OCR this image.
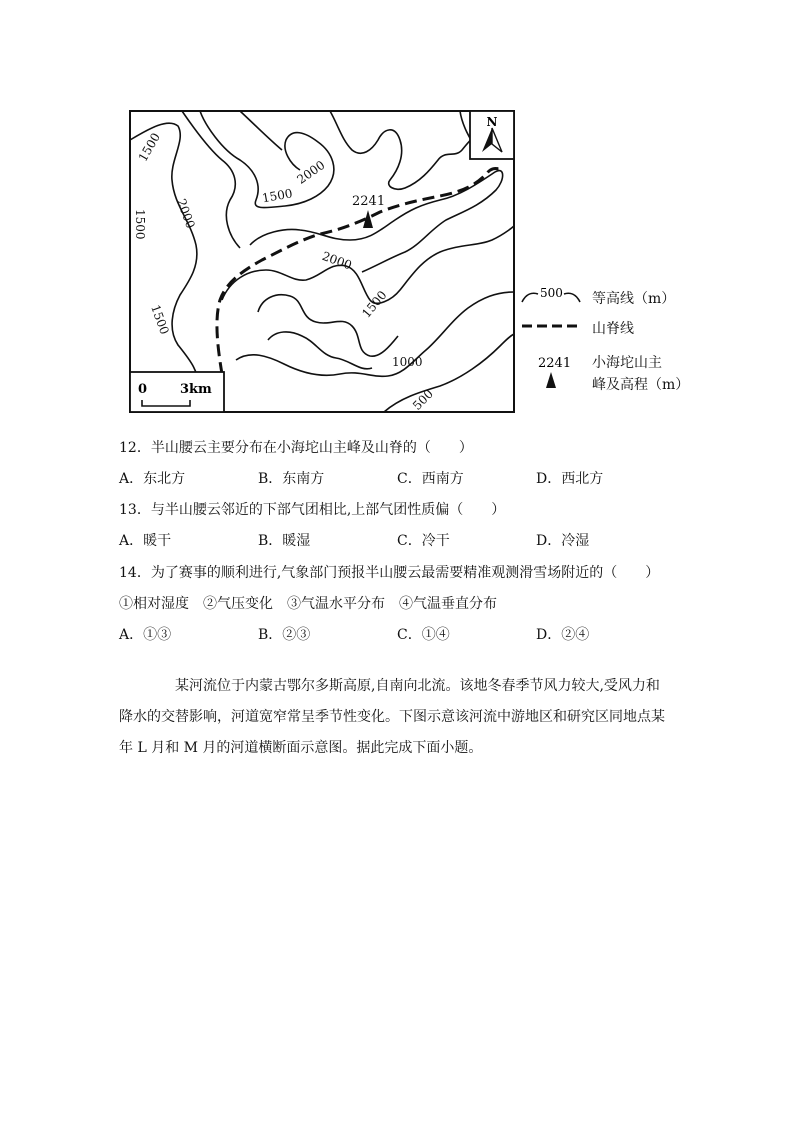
N
0	3km
1500
2000
1500
2000
1500	2241
2000
1500	1500
1000
500
500
2241
等高线（m）
山脊线
小海坨山主
峰及高程（m）
12．半山腰云主要分布在小海坨山主峰及山脊的（　　）
A．东北方	B．东南方	C．西南方	D．西北方
13．与半山腰云邻近的下部气团相比,上部气团性质偏（　　）
A．暖干	B．暖湿	C．冷干	D．冷湿
14．为了赛事的顺利进行,气象部门预报半山腰云最需要精准观测滑雪场附近的（　　）
①相对湿度　②气压变化　③气温水平分布　④气温垂直分布
A．①③	B．②③	C．①④	D．②④
某河流位于内蒙古鄂尔多斯高原,自南向北流。该地冬春季节风力较大,受风力和
降水的交替影响，河道宽窄常呈季节性变化。下图示意该河流中游地区和研究区同地点某
年 L 月和 M 月的河道横断面示意图。据此完成下面小题。
